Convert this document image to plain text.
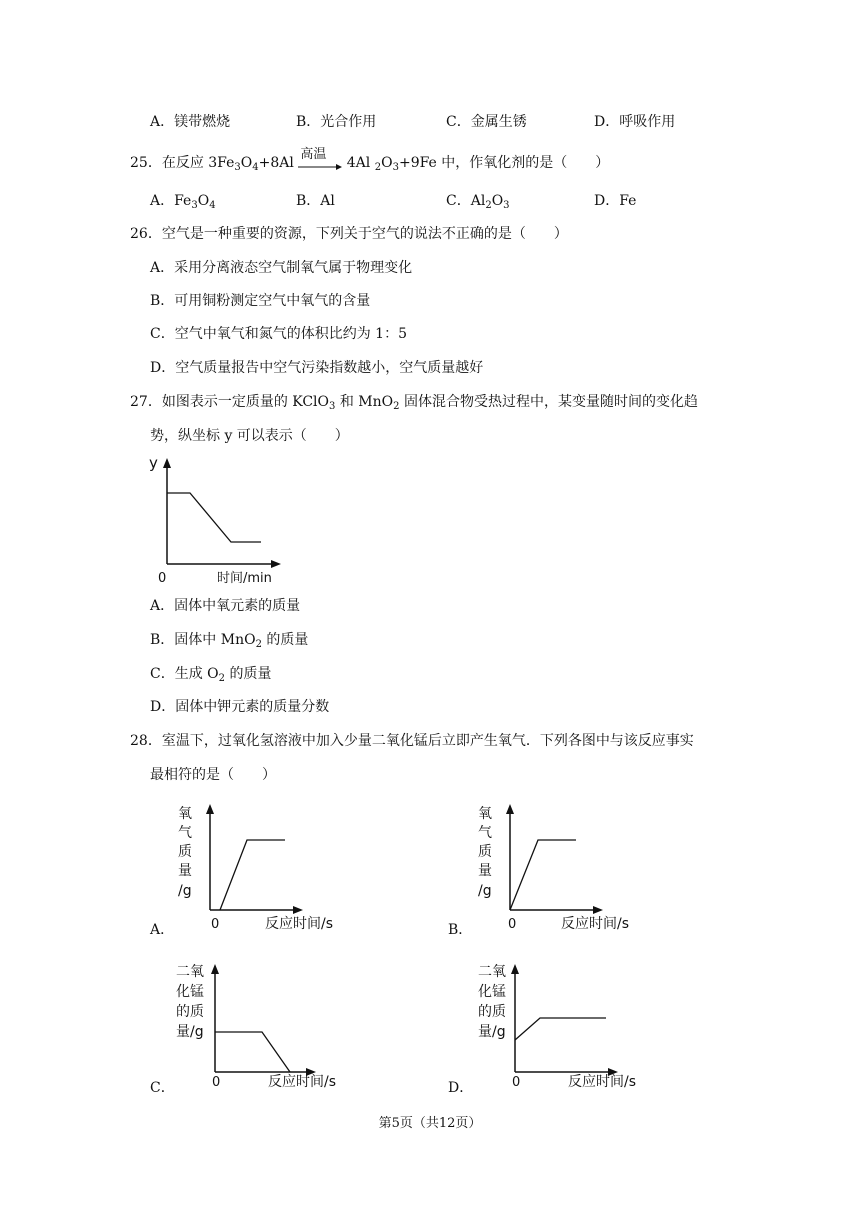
A．镁带燃烧	B．光合作用	C．金属生锈	D．呼吸作用
25．在反应 $3Fe_3O_4+8Al$
高温
4Al $_2O_3+9Fe$ 中，作氧化剂的是（　　）
A．$Fe_3O_4$	B．Al	C．$Al_2O_3$	D．Fe
26．空气是一种重要的资源，下列关于空气的说法不正确的是（　　）
A．采用分离液态空气制氧气属于物理变化
B．可用铜粉测定空气中氧气的含量
C．空气中氧气和氮气的体积比约为 1：5
D．空气质量报告中空气污染指数越小，空气质量越好
27．如图表示一定质量的 KClO$_3$ 和 MnO$_2$ 固体混合物受热过程中，某变量随时间的变化趋
势，纵坐标 y 可以表示（　　）
y
0	时间/min
A．固体中氧元素的质量
B．固体中 MnO$_2$ 的质量
C．生成 $O_2$ 的质量
D．固体中钾元素的质量分数
28．室温下，过氧化氢溶液中加入少量二氧化锰后立即产生氧气．下列各图中与该反应事实
最相符的是（　　）
A．
氧
气
质
量
/g
0	反应时间/s	B．
氧
气
质
量
/g
0	反应时间/s
C．
二氧
化锰
的质
量/g
0	反应时间/s	D．
二氧
化锰
的质
量/g
0	反应时间/s
第5页（共12页）
